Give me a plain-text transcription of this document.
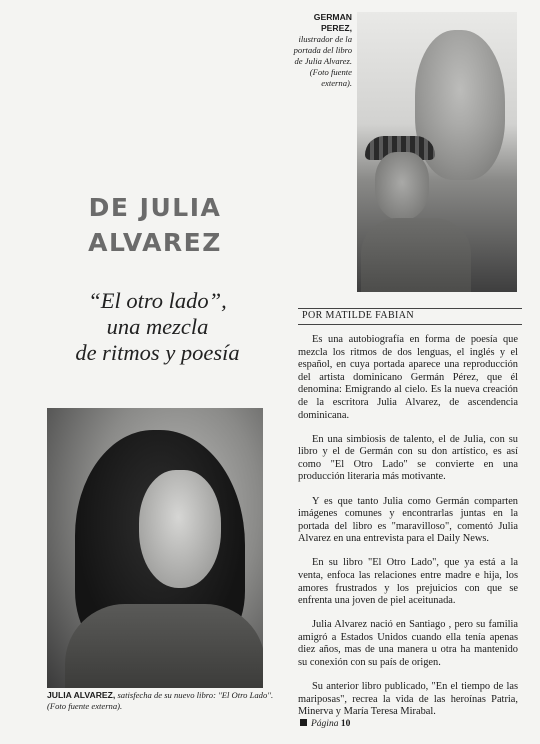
GERMAN PEREZ,
ilustrador de la portada del libro de Julia Alvarez. (Foto fuente externa).
DE JULIA
ALVAREZ
“El otro lado”,
una mezcla
de ritmos y poesía
POR MATILDE FABIAN

Es una autobiografía en forma de poesía que mezcla los ritmos de dos lenguas, el inglés y el español, en cuya portada aparece una reproducción del artista dominicano Germán Pérez, que él denomina: Emigrando al cielo. Es la nueva creación de la escritora Julia Alvarez, de ascendencia dominicana.

En una simbiosis de talento, el de Julia, con su libro y el de Germán con su don artístico, es así como "El Otro Lado" se convierte en una producción literaria más motivante.

Y es que tanto Julia como Germán comparten imágenes comunes y encontrarlas juntas en la portada del libro es "maravilloso", comentó Julia Alvarez en una entrevista para el Daily News.

En su libro "El Otro Lado", que ya está a la venta, enfoca las relaciones entre madre e hija, los amores frustrados y los prejuicios con que se enfrenta una joven de piel aceitunada.

Julia Alvarez nació en Santiago , pero su familia amigró a Estados Unidos cuando ella tenía apenas diez años, mas de una manera u otra ha mantenido su conexión con su país de origen.

Su anterior libro publicado, "En el tiempo de las mariposas", recrea la vida de las heroínas Patria, Minerva y María Teresa Mirabal.

JULIA ALVAREZ, satisfecha de su nuevo libro: ''El Otro Lado''. (Foto fuente externa).
Página 10
